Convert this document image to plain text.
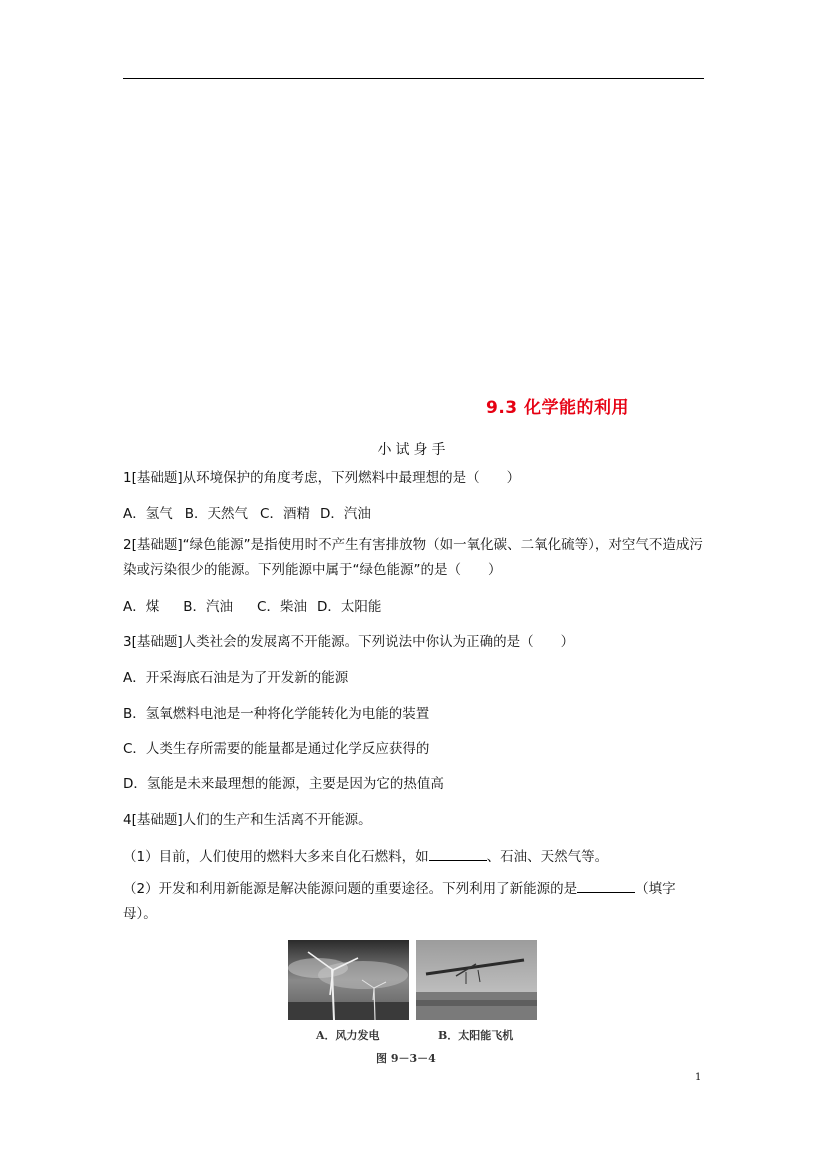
9.3 化学能的利用
小试身手
1[基础题]从环境保护的角度考虑，下列燃料中最理想的是（　　）
A．氢气 B．天然气 C．酒精 D．汽油
2[基础题]“绿色能源”是指使用时不产生有害排放物（如一氧化碳、二氧化硫等），对空气不造成污染或污染很少的能源。下列能源中属于“绿色能源”的是（　　）
A．煤 B．汽油 C．柴油 D．太阳能
3[基础题]人类社会的发展离不开能源。下列说法中你认为正确的是（　　）
A．开采海底石油是为了开发新的能源
B．氢氧燃料电池是一种将化学能转化为电能的装置
C．人类生存所需要的能量都是通过化学反应获得的
D．氢能是未来最理想的能源，主要是因为它的热值高
4[基础题]人们的生产和生活离不开能源。
（1）目前，人们使用的燃料大多来自化石燃料，如	、石油、天然气等。
（2）开发和利用新能源是解决能源问题的重要途径。下列利用了新能源的是	（填字母）。
A．风力发电	B．太阳能飞机
图 9－3－4
1
